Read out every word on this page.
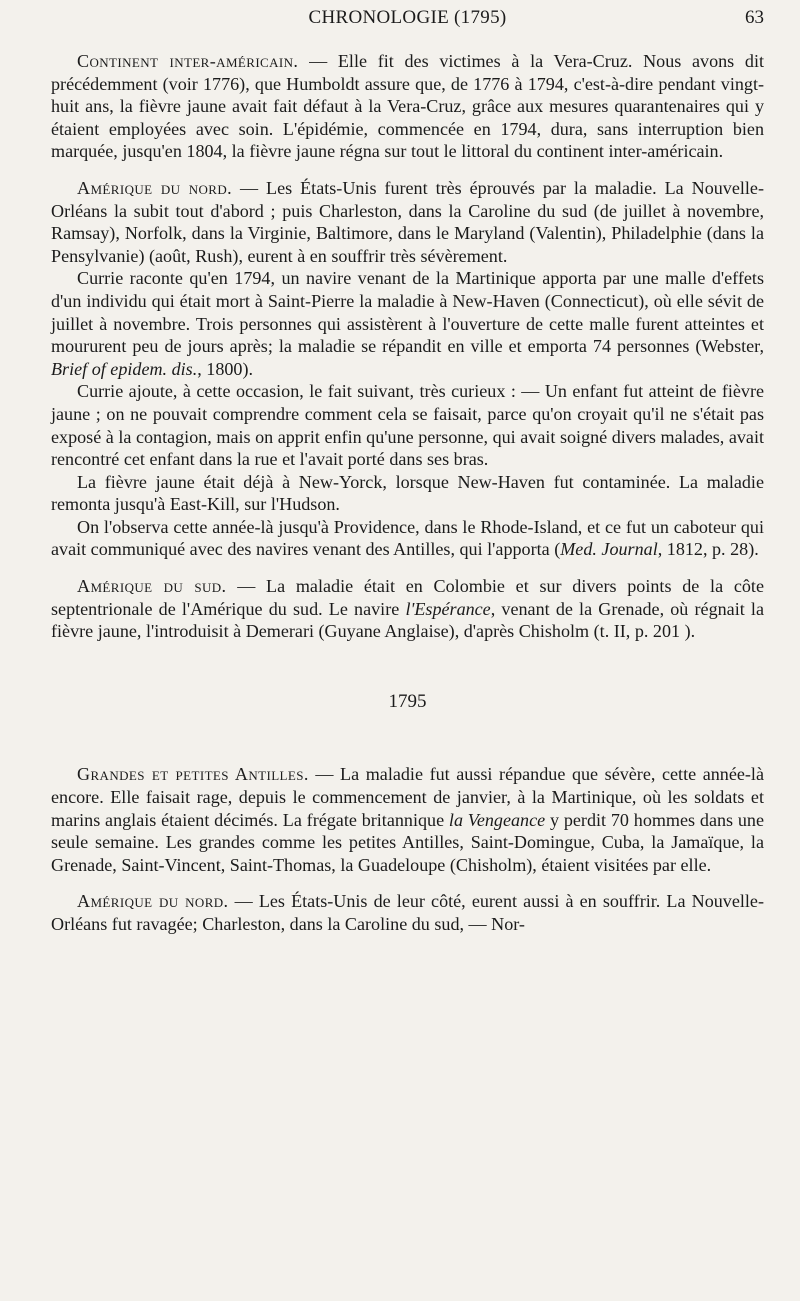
CHRONOLOGIE (1795)	63

Continent inter-américain. — Elle fit des victimes à la Vera-Cruz. Nous avons dit précédemment (voir 1776), que Humboldt assure que, de 1776 à 1794, c'est-à-dire pendant vingt-huit ans, la fièvre jaune avait fait défaut à la Vera-Cruz, grâce aux mesures quarantenaires qui y étaient employées avec soin. L'épidémie, commencée en 1794, dura, sans interruption bien marquée, jusqu'en 1804, la fièvre jaune régna sur tout le littoral du continent inter-américain.

Amérique du nord. — Les États-Unis furent très éprouvés par la maladie. La Nouvelle-Orléans la subit tout d'abord ; puis Charleston, dans la Caroline du sud (de juillet à novembre, Ramsay), Norfolk, dans la Virginie, Baltimore, dans le Maryland (Valentin), Philadelphie (dans la Pensylvanie) (août, Rush), eurent à en souffrir très sévèrement.

Currie raconte qu'en 1794, un navire venant de la Martinique apporta par une malle d'effets d'un individu qui était mort à Saint-Pierre la maladie à New-Haven (Connecticut), où elle sévit de juillet à novembre. Trois personnes qui assistèrent à l'ouverture de cette malle furent atteintes et moururent peu de jours après; la maladie se répandit en ville et emporta 74 personnes (Webster, Brief of epidem. dis., 1800).

Currie ajoute, à cette occasion, le fait suivant, très curieux : — Un enfant fut atteint de fièvre jaune ; on ne pouvait comprendre comment cela se faisait, parce qu'on croyait qu'il ne s'était pas exposé à la contagion, mais on apprit enfin qu'une personne, qui avait soigné divers malades, avait rencontré cet enfant dans la rue et l'avait porté dans ses bras.

La fièvre jaune était déjà à New-Yorck, lorsque New-Haven fut contaminée. La maladie remonta jusqu'à East-Kill, sur l'Hudson.

On l'observa cette année-là jusqu'à Providence, dans le Rhode-Island, et ce fut un caboteur qui avait communiqué avec des navires venant des Antilles, qui l'apporta (Med. Journal, 1812, p. 28).

Amérique du sud. — La maladie était en Colombie et sur divers points de la côte septentrionale de l'Amérique du sud. Le navire l'Espérance, venant de la Grenade, où régnait la fièvre jaune, l'introduisit à Demerari (Guyane Anglaise), d'après Chisholm (t. II, p. 201 ).

1795

Grandes et petites Antilles. — La maladie fut aussi répandue que sévère, cette année-là encore. Elle faisait rage, depuis le commencement de janvier, à la Martinique, où les soldats et marins anglais étaient décimés. La frégate britannique la Vengeance y perdit 70 hommes dans une seule semaine. Les grandes comme les petites Antilles, Saint-Domingue, Cuba, la Jamaïque, la Grenade, Saint-Vincent, Saint-Thomas, la Guadeloupe (Chisholm), étaient visitées par elle.

Amérique du nord. — Les États-Unis de leur côté, eurent aussi à en souffrir. La Nouvelle-Orléans fut ravagée; Charleston, dans la Caroline du sud, — Nor-
